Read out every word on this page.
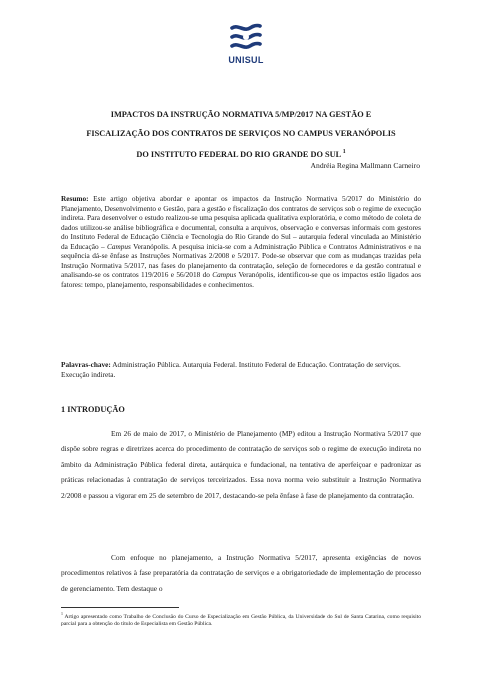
UNISUL
IMPACTOS DA INSTRUÇÃO NORMATIVA 5/MP/2017 NA GESTÃO E
FISCALIZAÇÃO DOS CONTRATOS DE SERVIÇOS NO CAMPUS VERANÓPOLIS
DO INSTITUTO FEDERAL DO RIO GRANDE DO SUL $^1$

Andréia Regina Mallmann Carneiro

Resumo: Este artigo objetiva abordar e apontar os impactos da Instrução Normativa 5/2017 do Ministério do Planejamento, Desenvolvimento e Gestão, para a gestão e fiscalização dos contratos de serviços sob o regime de execução indireta. Para desenvolver o estudo realizou-se uma pesquisa aplicada qualitativa exploratória, e como método de coleta de dados utilizou-se análise bibliográfica e documental, consulta a arquivos, observação e conversas informais com gestores do Instituto Federal de Educação Ciência e Tecnologia do Rio Grande do Sul – autarquia federal vinculada ao Ministério da Educação – Campus Veranópolis. A pesquisa inicia-se com a Administração Pública e Contratos Administrativos e na sequência dá-se ênfase as Instruções Normativas 2/2008 e 5/2017. Pode-se observar que com as mudanças trazidas pela Instrução Normativa 5/2017, nas fases do planejamento da contratação, seleção de fornecedores e da gestão contratual e analisando-se os contratos 119/2016 e 56/2018 do Campus Veranópolis, identificou-se que os impactos estão ligados aos fatores: tempo, planejamento, responsabilidades e conhecimentos.

Palavras-chave: Administração Pública. Autarquia Federal. Instituto Federal de Educação. Contratação de serviços. Execução indireta.

1 INTRODUÇÃO

Em 26 de maio de 2017, o Ministério de Planejamento (MP) editou a Instrução Normativa 5/2017 que dispõe sobre regras e diretrizes acerca do procedimento de contratação de serviços sob o regime de execução indireta no âmbito da Administração Pública federal direta, autárquica e fundacional, na tentativa de aperfeiçoar e padronizar as práticas relacionadas à contratação de serviços terceirizados. Essa nova norma veio substituir a Instrução Normativa 2/2008 e passou a vigorar em 25 de setembro de 2017, destacando-se pela ênfase à fase de planejamento da contratação.

Com enfoque no planejamento, a Instrução Normativa 5/2017, apresenta exigências de novos procedimentos relativos à fase preparatória da contratação de serviços e a obrigatoriedade de implementação de processo de gerenciamento. Tem destaque o

$^1$ Artigo apresentado como Trabalho de Conclusão do Curso de Especialização em Gestão Pública, da Universidade do Sul de Santa Catarina, como requisito parcial para a obtenção do título de Especialista em Gestão Pública.
